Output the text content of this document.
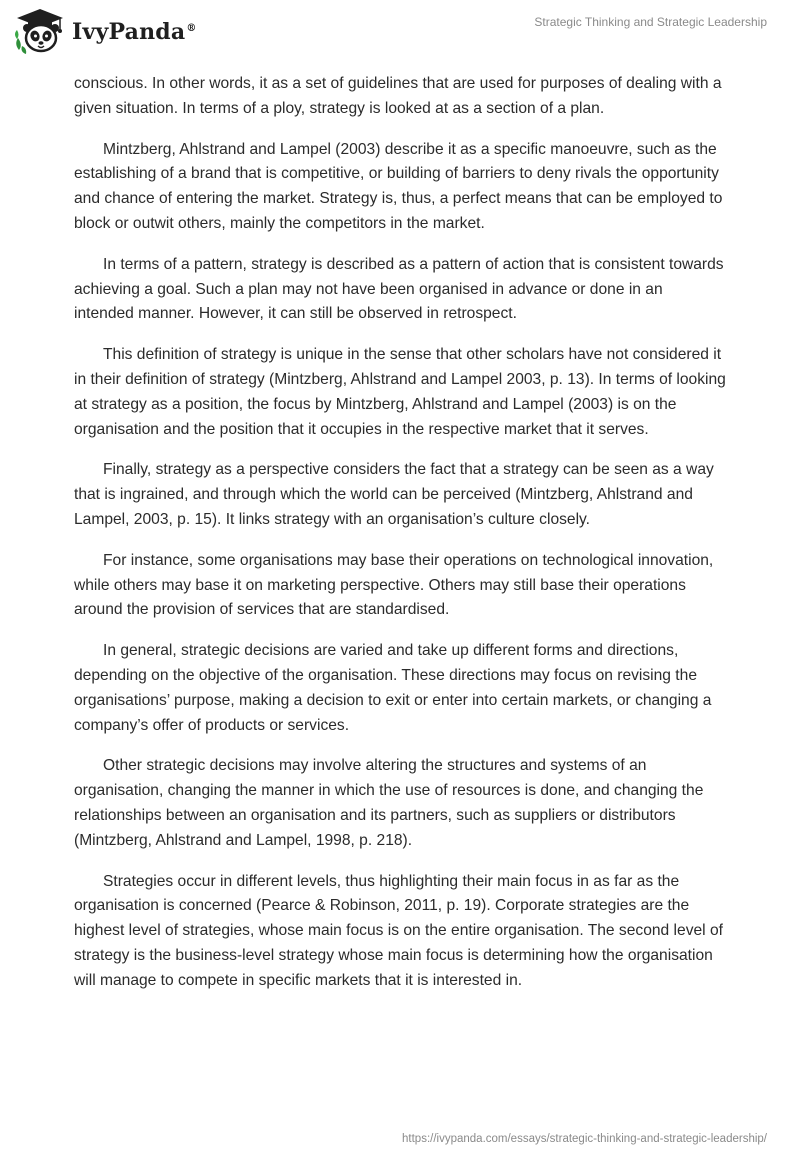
IvyPanda®	Strategic Thinking and Strategic Leadership

conscious. In other words, it as a set of guidelines that are used for purposes of dealing with a given situation. In terms of a ploy, strategy is looked at as a section of a plan.

Mintzberg, Ahlstrand and Lampel (2003) describe it as a specific manoeuvre, such as the establishing of a brand that is competitive, or building of barriers to deny rivals the opportunity and chance of entering the market. Strategy is, thus, a perfect means that can be employed to block or outwit others, mainly the competitors in the market.

In terms of a pattern, strategy is described as a pattern of action that is consistent towards achieving a goal. Such a plan may not have been organised in advance or done in an intended manner. However, it can still be observed in retrospect.

This definition of strategy is unique in the sense that other scholars have not considered it in their definition of strategy (Mintzberg, Ahlstrand and Lampel 2003, p. 13). In terms of looking at strategy as a position, the focus by Mintzberg, Ahlstrand and Lampel (2003) is on the organisation and the position that it occupies in the respective market that it serves.

Finally, strategy as a perspective considers the fact that a strategy can be seen as a way that is ingrained, and through which the world can be perceived (Mintzberg, Ahlstrand and Lampel, 2003, p. 15). It links strategy with an organisation’s culture closely.

For instance, some organisations may base their operations on technological innovation, while others may base it on marketing perspective. Others may still base their operations around the provision of services that are standardised.

In general, strategic decisions are varied and take up different forms and directions, depending on the objective of the organisation. These directions may focus on revising the organisations’ purpose, making a decision to exit or enter into certain markets, or changing a company’s offer of products or services.

Other strategic decisions may involve altering the structures and systems of an organisation, changing the manner in which the use of resources is done, and changing the relationships between an organisation and its partners, such as suppliers or distributors (Mintzberg, Ahlstrand and Lampel, 1998, p. 218).

Strategies occur in different levels, thus highlighting their main focus in as far as the organisation is concerned (Pearce & Robinson, 2011, p. 19). Corporate strategies are the highest level of strategies, whose main focus is on the entire organisation. The second level of strategy is the business-level strategy whose main focus is determining how the organisation will manage to compete in specific markets that it is interested in.

https://ivypanda.com/essays/strategic-thinking-and-strategic-leadership/
